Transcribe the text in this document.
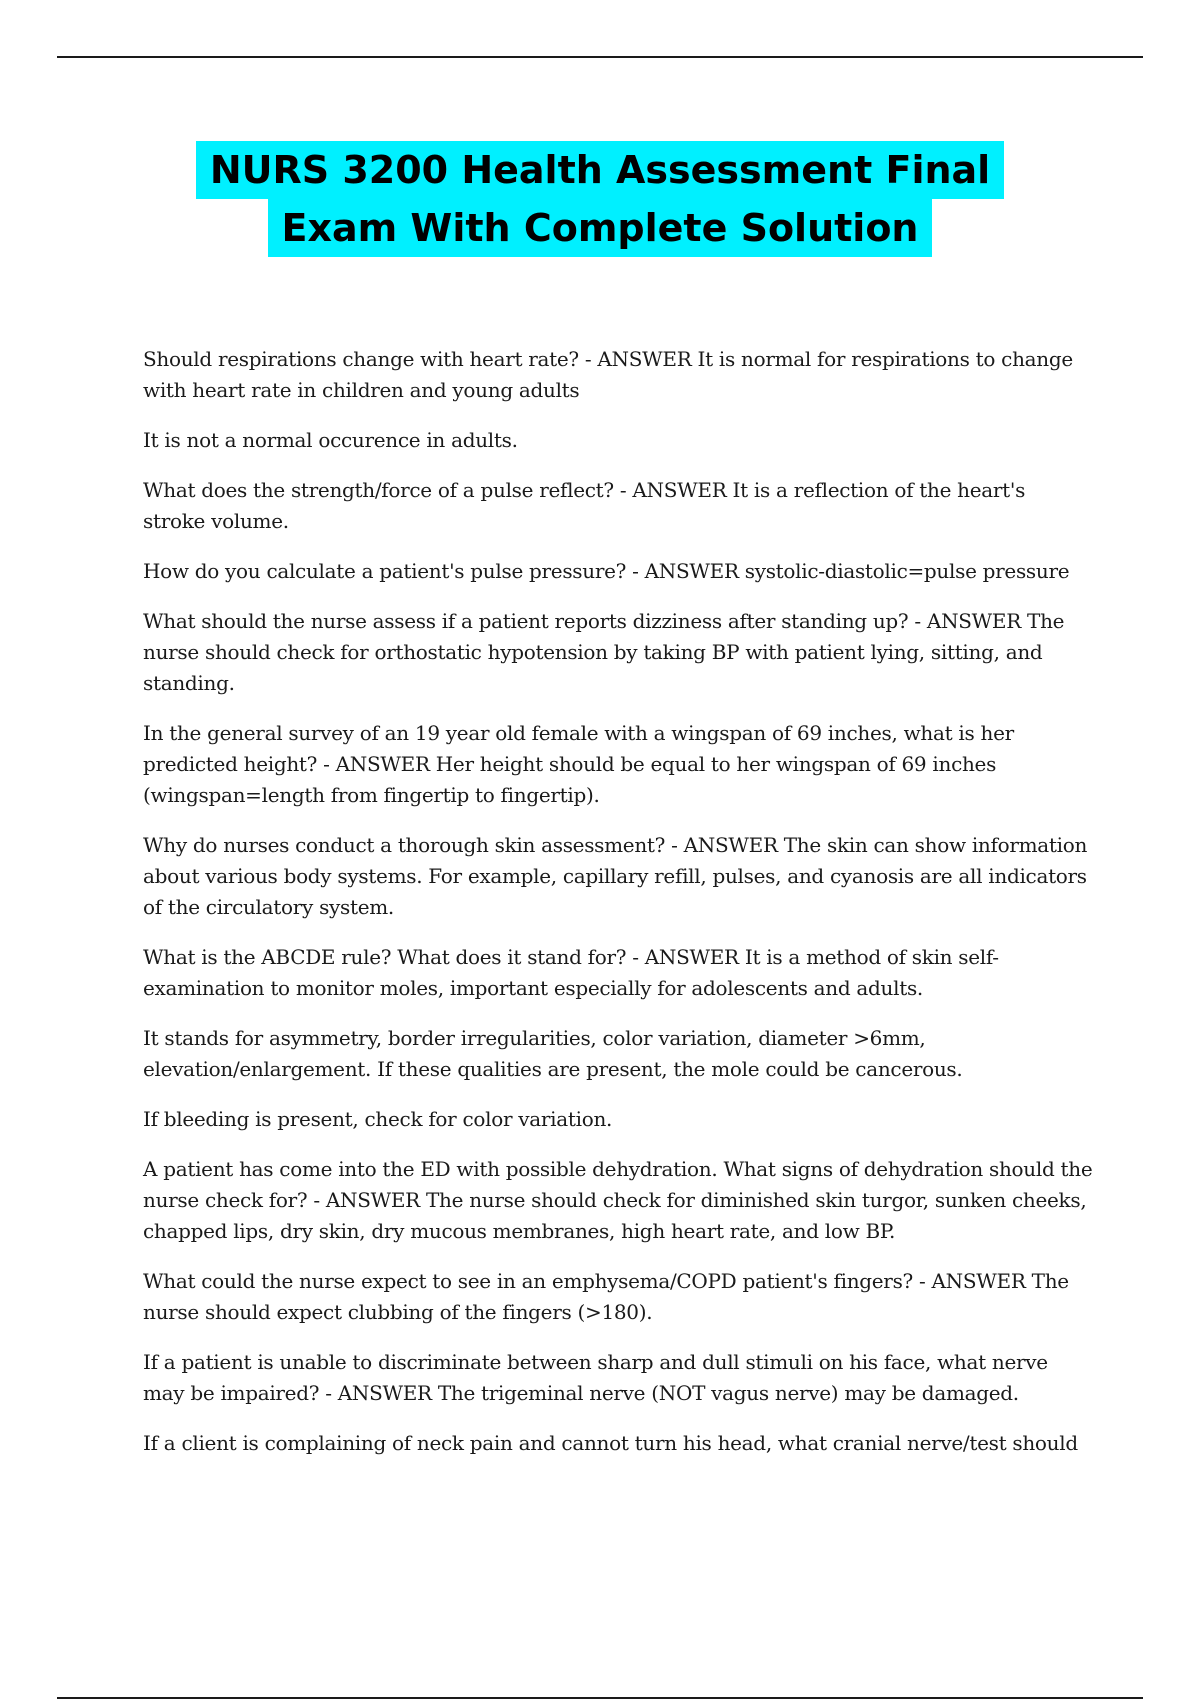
NURS 3200 Health Assessment Final
Exam With Complete Solution

Should respirations change with heart rate? - ANSWER It is normal for respirations to change with heart rate in children and young adults

It is not a normal occurence in adults.

What does the strength/force of a pulse reflect? - ANSWER It is a reflection of the heart's stroke volume.

How do you calculate a patient's pulse pressure? - ANSWER systolic-diastolic=pulse pressure

What should the nurse assess if a patient reports dizziness after standing up? - ANSWER The nurse should check for orthostatic hypotension by taking BP with patient lying, sitting, and standing.

In the general survey of an 19 year old female with a wingspan of 69 inches, what is her predicted height? - ANSWER Her height should be equal to her wingspan of 69 inches (wingspan=length from fingertip to fingertip).

Why do nurses conduct a thorough skin assessment? - ANSWER The skin can show information about various body systems. For example, capillary refill, pulses, and cyanosis are all indicators of the circulatory system.

What is the ABCDE rule? What does it stand for? - ANSWER It is a method of skin self-examination to monitor moles, important especially for adolescents and adults.

It stands for asymmetry, border irregularities, color variation, diameter >6mm, elevation/enlargement. If these qualities are present, the mole could be cancerous.

If bleeding is present, check for color variation.

A patient has come into the ED with possible dehydration. What signs of dehydration should the nurse check for? - ANSWER The nurse should check for diminished skin turgor, sunken cheeks, chapped lips, dry skin, dry mucous membranes, high heart rate, and low BP.

What could the nurse expect to see in an emphysema/COPD patient's fingers? - ANSWER The nurse should expect clubbing of the fingers (>180).

If a patient is unable to discriminate between sharp and dull stimuli on his face, what nerve may be impaired? - ANSWER The trigeminal nerve (NOT vagus nerve) may be damaged.

If a client is complaining of neck pain and cannot turn his head, what cranial nerve/test should
